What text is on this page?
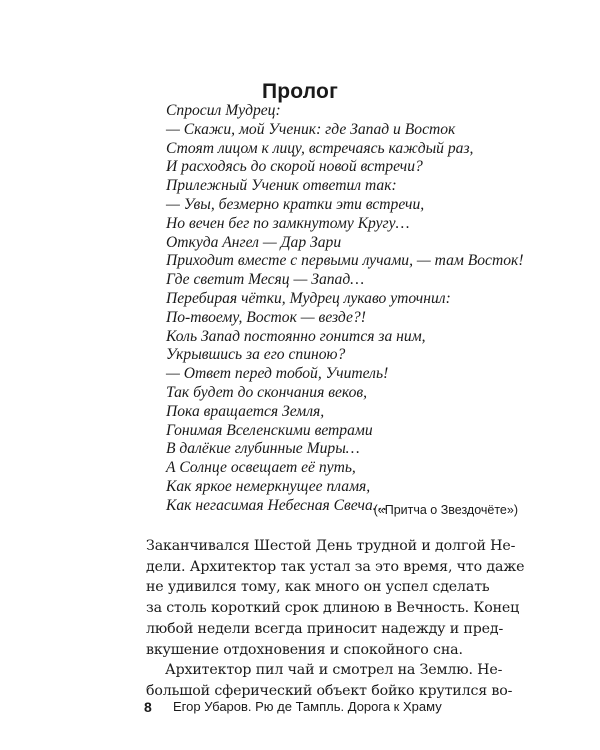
Пролог
Спросил Мудрец:
— Скажи, мой Ученик: где Запад и Восток
Стоят лицом к лицу, встречаясь каждый раз,
И расходясь до скорой новой встречи?
Прилежный Ученик ответил так:
— Увы, безмерно кратки эти встречи,
Но вечен бег по замкнутому Кругу…
Откуда Ангел — Дар Зари
Приходит вместе с первыми лучами, — там Восток!
Где светит Месяц — Запад…
Перебирая чётки, Мудрец лукаво уточнил:
По-твоему, Восток — везде?!
Коль Запад постоянно гонится за ним,
Укрывшись за его спиною?
— Ответ перед тобой, Учитель!
Так будет до скончания веков,
Пока вращается Земля,
Гонимая Вселенскими ветрами
В далёкие глубинные Миры…
А Солнце освещает её путь,
Как яркое немеркнущее пламя,
Как негасимая Небесная Свеча…
(«Притча о Звездочёте»)
Заканчивался Шестой День трудной и долгой Не-
дели. Архитектор так устал за это время, что даже
не удивился тому, как много он успел сделать
за столь короткий срок длиною в Вечность. Конец
любой недели всегда приносит надежду и пред-
вкушение отдохновения и спокойного сна.
Архитектор пил чай и смотрел на Землю. Не-
большой сферический объект бойко крутился во-
8 Егор Убаров. Рю де Тампль. Дорога к Храму
